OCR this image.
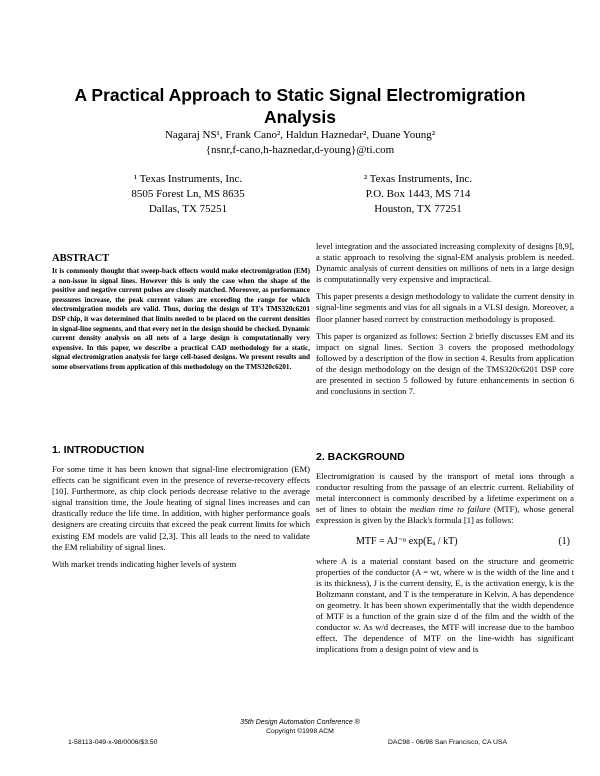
A Practical Approach to Static Signal Electromigration Analysis
Nagaraj NS¹, Frank Cano², Haldun Haznedar², Duane Young²
{nsnr,f-cano,h-haznedar,d-young}@ti.com
¹ Texas Instruments, Inc.
8505 Forest Ln, MS 8635
Dallas, TX 75251
² Texas Instruments, Inc.
P.O. Box 1443, MS 714
Houston, TX 77251
ABSTRACT
It is commonly thought that sweep-back effects would make electromigration (EM) a non-issue in signal lines. However this is only the case when the shape of the positive and negative current pulses are closely matched. Moreover, as performance pressures increase, the peak current values are exceeding the range for which electromigration models are valid. Thus, during the design of TI's TMS320c6201 DSP chip, it was determined that limits needed to be placed on the current densities in signal-line segments, and that every net in the design should be checked. Dynamic current density analysis on all nets of a large design is computationally very expensive. In this paper, we describe a practical CAD methodology for a static, signal electromigration analysis for large cell-based designs. We present results and some observations from application of this methodology on the TMS320c6201.
1. INTRODUCTION

For some time it has been known that signal-line electromigration (EM) effects can be significant even in the presence of reverse-recovery effects [10]. Furthermore, as chip clock periods decrease relative to the average signal transition time, the Joule heating of signal lines increases and can drastically reduce the life time. In addition, with higher performance goals designers are creating circuits that exceed the peak current limits for which existing EM models are valid [2,3]. This all leads to the need to validate the EM reliability of signal lines.

With market trends indicating higher levels of system

level integration and the associated increasing complexity of designs [8,9], a static approach to resolving the signal-EM analysis problem is needed. Dynamic analysis of current densities on millions of nets in a large design is computationally very expensive and impractical.

This paper presents a design methodology to validate the current density in signal-line segments and vias for all signals in a VLSI design. Moreover, a floor planner based correct by construction methodology is proposed.

This paper is organized as follows: Section 2 briefly discusses EM and its impact on signal lines. Section 3 covers the proposed methodology followed by a description of the flow in section 4. Results from application of the design methodology on the design of the TMS320c6201 DSP core are presented in section 5 followed by future enhancements in section 6 and conclusions in section 7.

2. BACKGROUND

Electromigration is caused by the transport of metal ions through a conductor resulting from the passage of an electric current. Reliability of metal interconnect is commonly described by a lifetime experiment on a set of lines to obtain the median time to failure (MTF), whose general expression is given by the Black's formula [1] as follows:

MTF = AJ⁻ⁿ exp(Eₐ / kT)	(1)

where A is a material constant based on the structure and geometric properties of the conductor (A = wt, where w is the width of the line and t is its thickness), J is the current density, Eₐ is the activation energy, k is the Boltzmann constant, and T is the temperature in Kelvin. A has dependence on geometry. It has been shown experimentally that the width dependence of MTF is a function of the grain size d of the film and the width of the conductor w. As w/d decreases, the MTF will increase due to the bamboo effect. The dependence of MTF on the line-width has significant implications from a design point of view and is

35th Design Automation Conference ®
Copyright ©1998 ACM
1-58113-049-x-98/0006/$3.50	DAC98 - 06/98 San Francisco, CA USA
